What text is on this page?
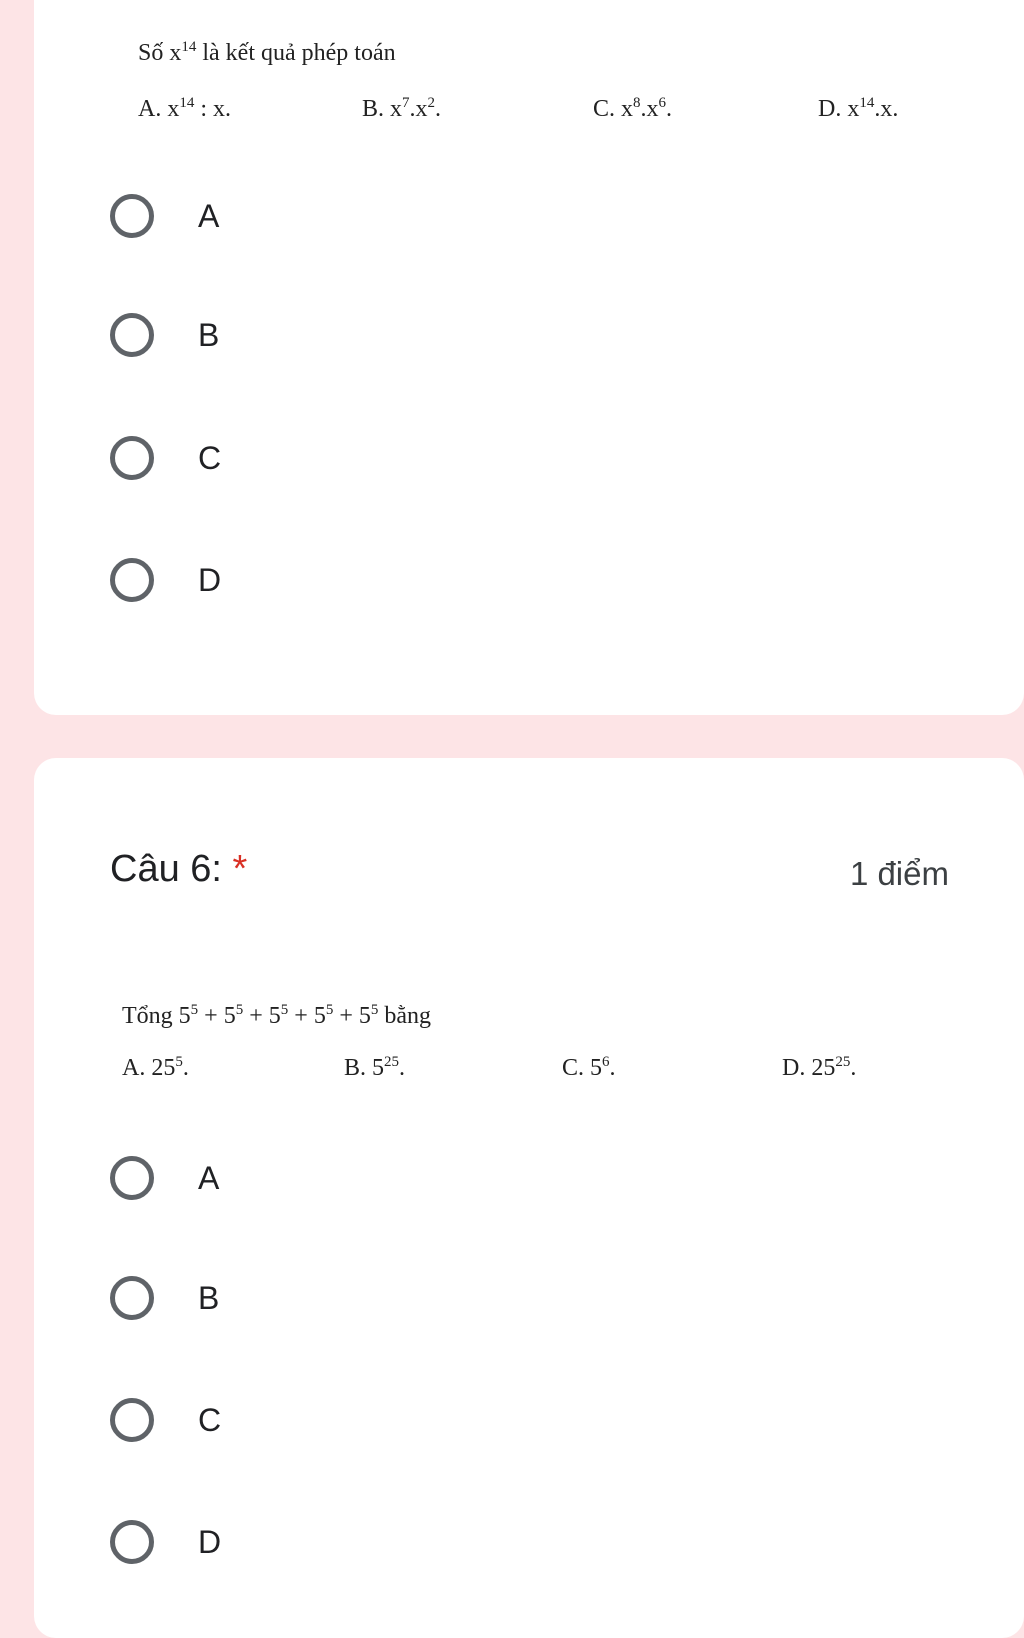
Số $x^{14}$ là kết quả phép toán
A. $x^{14}$ : x.	B. $x^7.x^2$.	C. $x^8.x^6$.	D. $x^{14}.x$.
A
B
C
D
Câu 6: *	1 điểm
Tổng $5^5 + 5^5 + 5^5 + 5^5 + 5^5$ bằng
A. $25^5$.	B. $5^{25}$.	C. $5^6$.	D. $25^{25}$.
A
B
C
D
